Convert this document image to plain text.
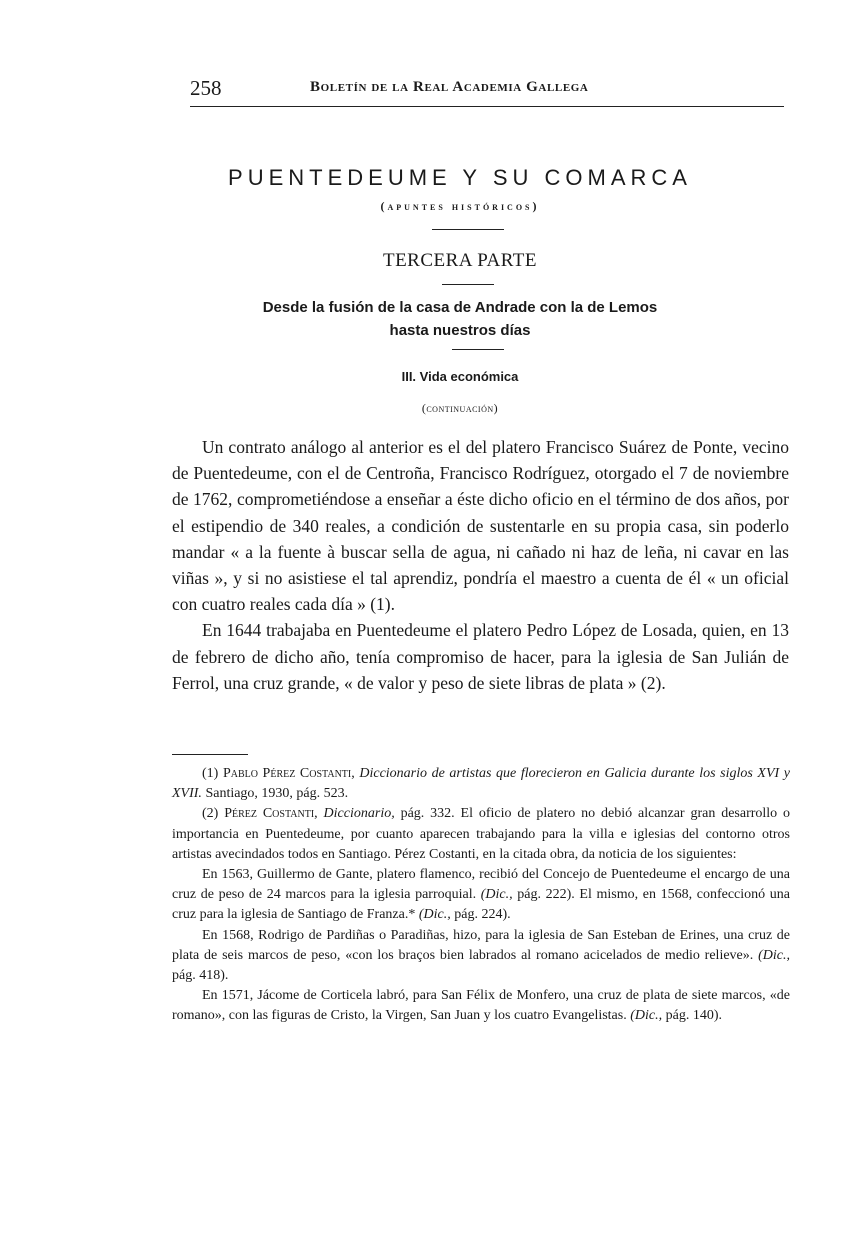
258	Boletín de la Real Academia Gallega
PUENTEDEUME Y SU COMARCA
(apuntes históricos)
TERCERA PARTE
Desde la fusión de la casa de Andrade con la de Lemos
hasta nuestros días
III. Vida económica
(continuación)

Un contrato análogo al anterior es el del platero Francisco Suárez de Ponte, vecino de Puentedeume, con el de Centroña, Francisco Rodríguez, otorgado el 7 de noviembre de 1762, comprometiéndose a enseñar a éste dicho oficio en el término de dos años, por el estipendio de 340 reales, a condición de sustentarle en su propia casa, sin poderlo mandar « a la fuente à buscar sella de agua, ni cañado ni haz de leña, ni cavar en las viñas », y si no asistiese el tal aprendiz, pondría el maestro a cuenta de él « un oficial con cuatro reales cada día » (1).

En 1644 trabajaba en Puentedeume el platero Pedro López de Losada, quien, en 13 de febrero de dicho año, tenía compromiso de hacer, para la iglesia de San Julián de Ferrol, una cruz grande, « de valor y peso de siete libras de plata » (2).

(1) Pablo Pérez Costanti, Diccionario de artistas que florecieron en Galicia durante los siglos XVI y XVII. Santiago, 1930, pág. 523.

(2) Pérez Costanti, Diccionario, pág. 332. El oficio de platero no debió alcanzar gran desarrollo o importancia en Puentedeume, por cuanto aparecen trabajando para la villa e iglesias del contorno otros artistas avecindados todos en Santiago. Pérez Costanti, en la citada obra, da noticia de los siguientes:

En 1563, Guillermo de Gante, platero flamenco, recibió del Concejo de Puentedeume el encargo de una cruz de peso de 24 marcos para la iglesia parroquial. (Dic., pág. 222). El mismo, en 1568, confeccionó una cruz para la iglesia de Santiago de Franza.* (Dic., pág. 224).

En 1568, Rodrigo de Pardiñas o Paradiñas, hizo, para la iglesia de San Esteban de Erines, una cruz de plata de seis marcos de peso, «con los braços bien labrados al romano acicelados de medio relieve». (Dic., pág. 418).

En 1571, Jácome de Corticela labró, para San Félix de Monfero, una cruz de plata de siete marcos, «de romano», con las figuras de Cristo, la Virgen, San Juan y los cuatro Evangelistas. (Dic., pág. 140).
